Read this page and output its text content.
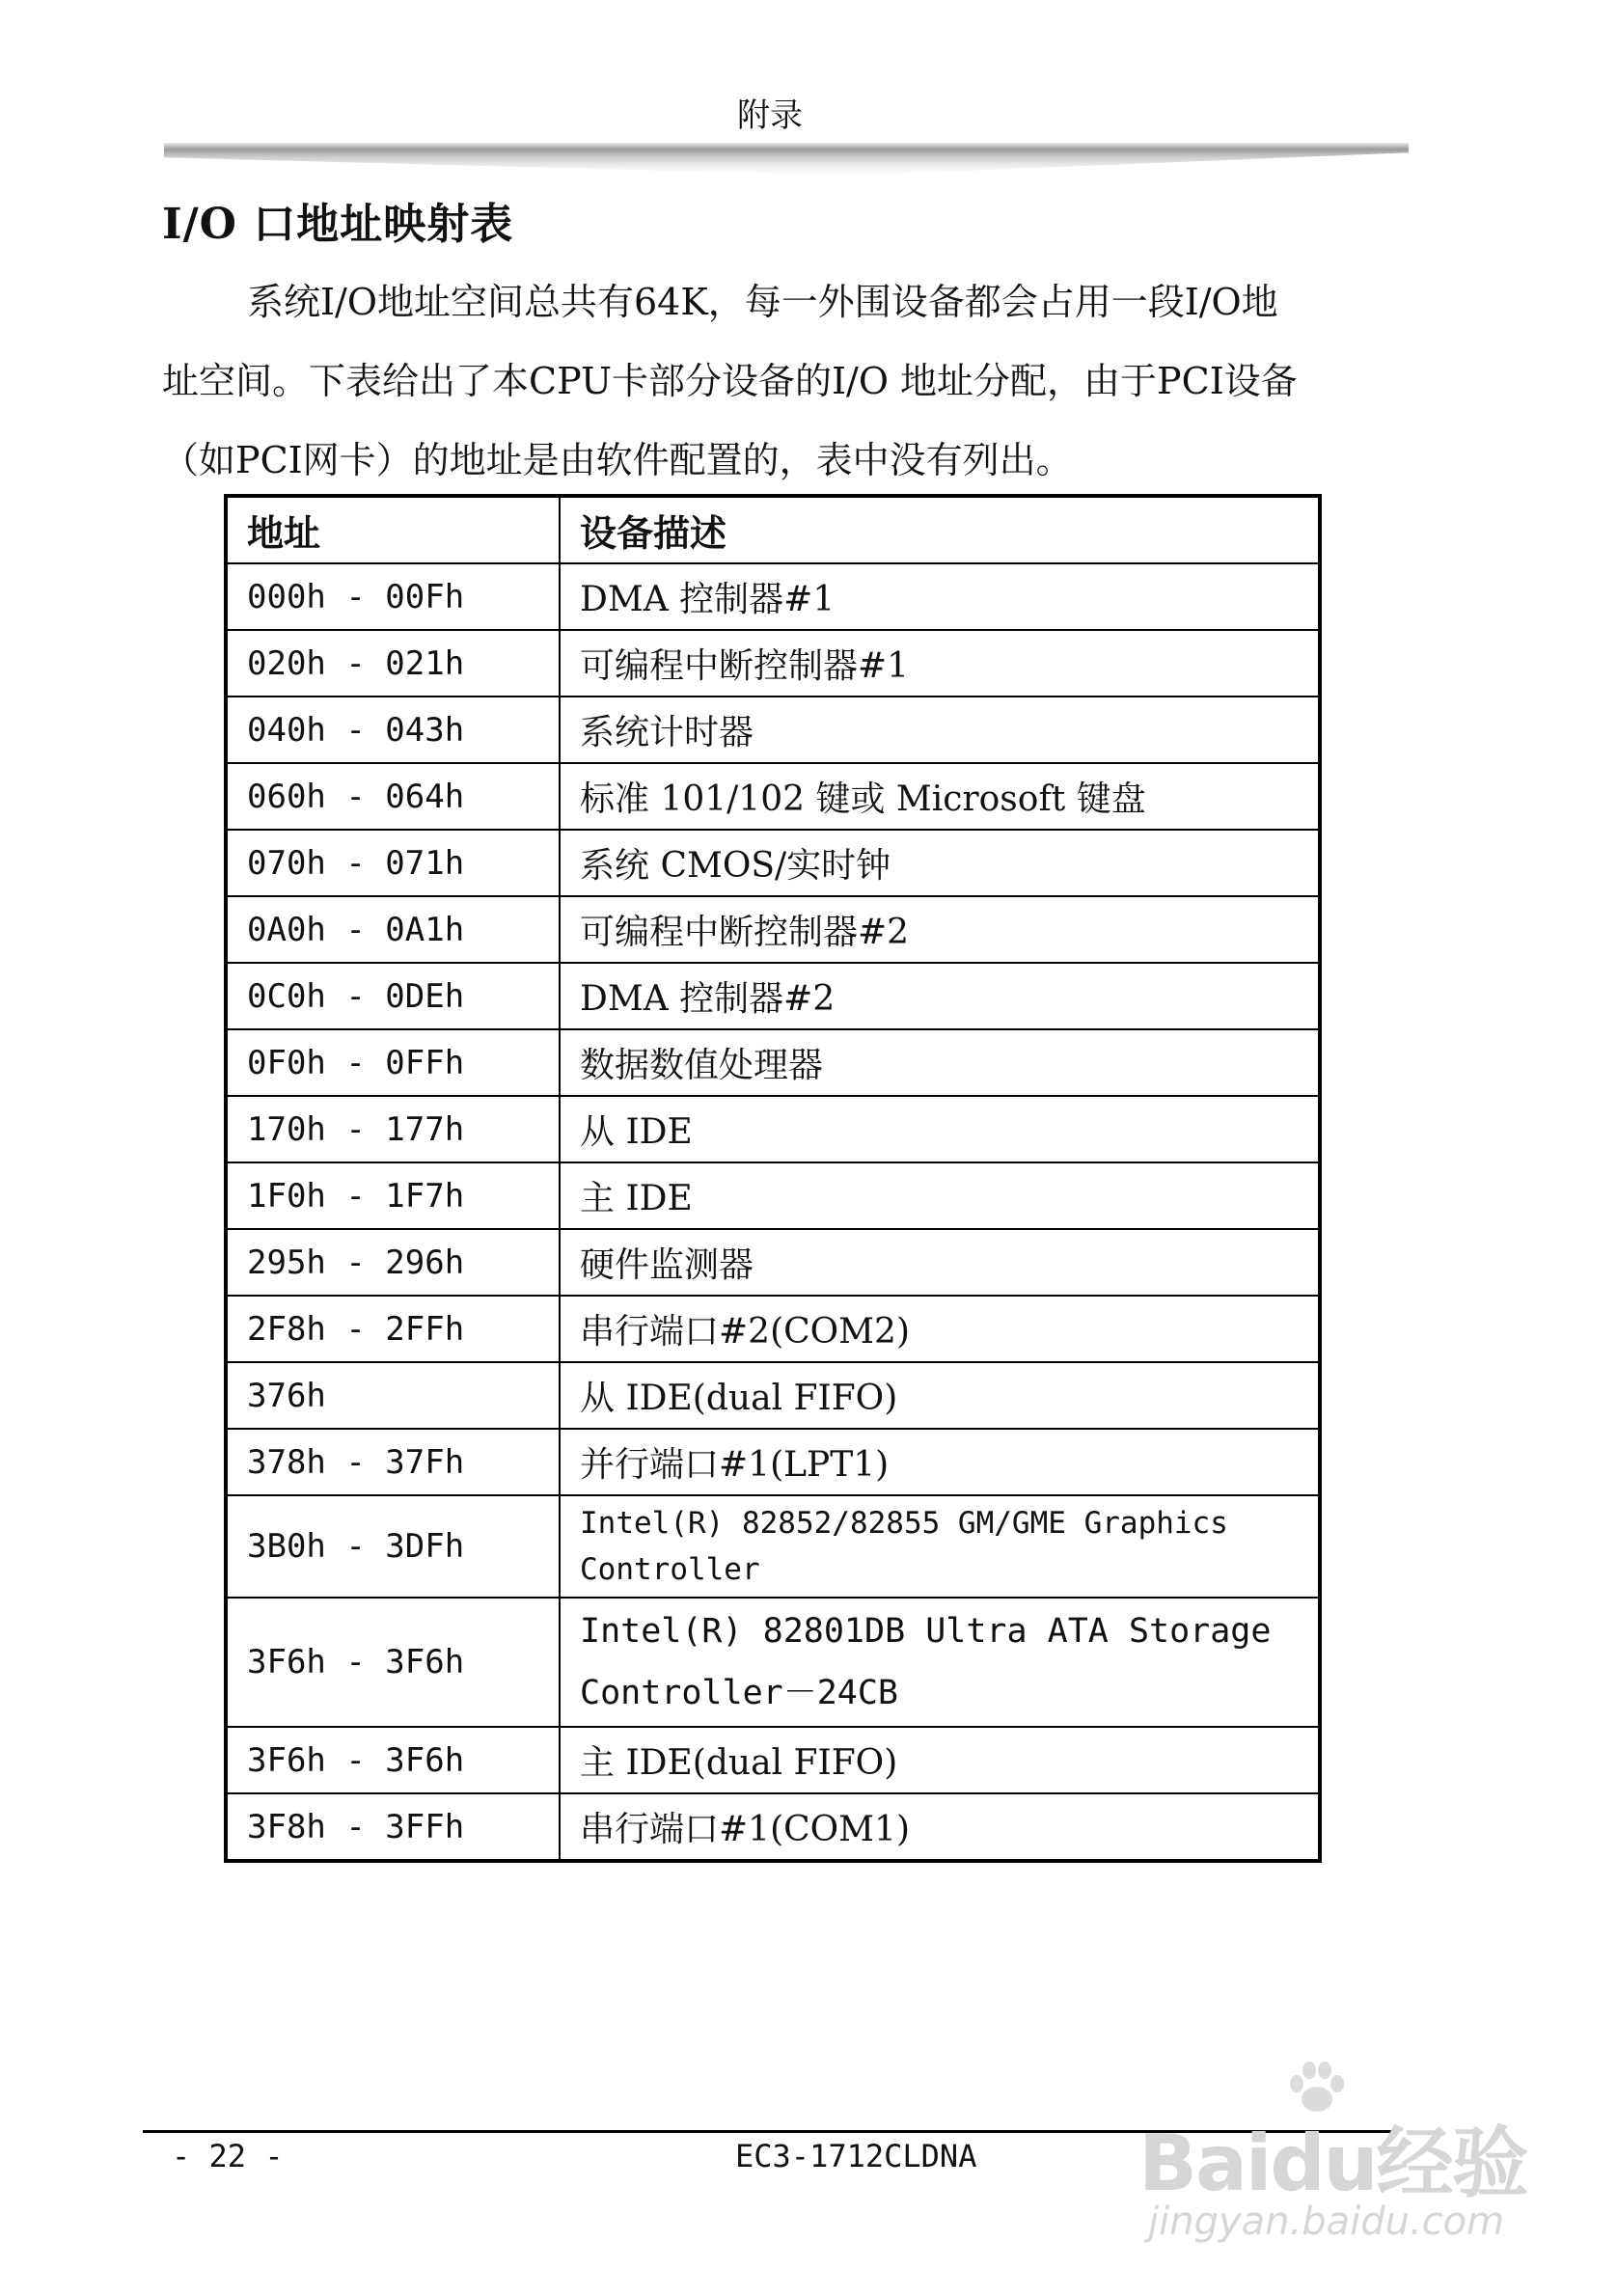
附录
I/O 口地址映射表
系统I/O地址空间总共有64K，每一外围设备都会占用一段I/O地
址空间。下表给出了本CPU卡部分设备的I/O 地址分配，由于PCI设备
（如PCI网卡）的地址是由软件配置的，表中没有列出。
地址	设备描述
000h - 00Fh	DMA 控制器#1
020h - 021h	可编程中断控制器#1
040h - 043h	系统计时器
060h - 064h	标准 101/102 键或 Microsoft 键盘
070h - 071h	系统 CMOS/实时钟
0A0h - 0A1h	可编程中断控制器#2
0C0h - 0DEh	DMA 控制器#2
0F0h - 0FFh	数据数值处理器
170h - 177h	从 IDE
1F0h - 1F7h	主 IDE
295h - 296h	硬件监测器
2F8h - 2FFh	串行端口#2(COM2)
376h	从 IDE(dual FIFO)
378h - 37Fh	并行端口#1(LPT1)
3B0h - 3DFh	Intel(R) 82852/82855 GM/GME Graphics Controller
3F6h - 3F6h	Intel(R) 82801DB Ultra ATA Storage Controller－24CB
3F6h - 3F6h	主 IDE(dual FIFO)
3F8h - 3FFh	串行端口#1(COM1)
- 22 -	EC3-1712CLDNA Baidu经验
jingyan.baidu.com
